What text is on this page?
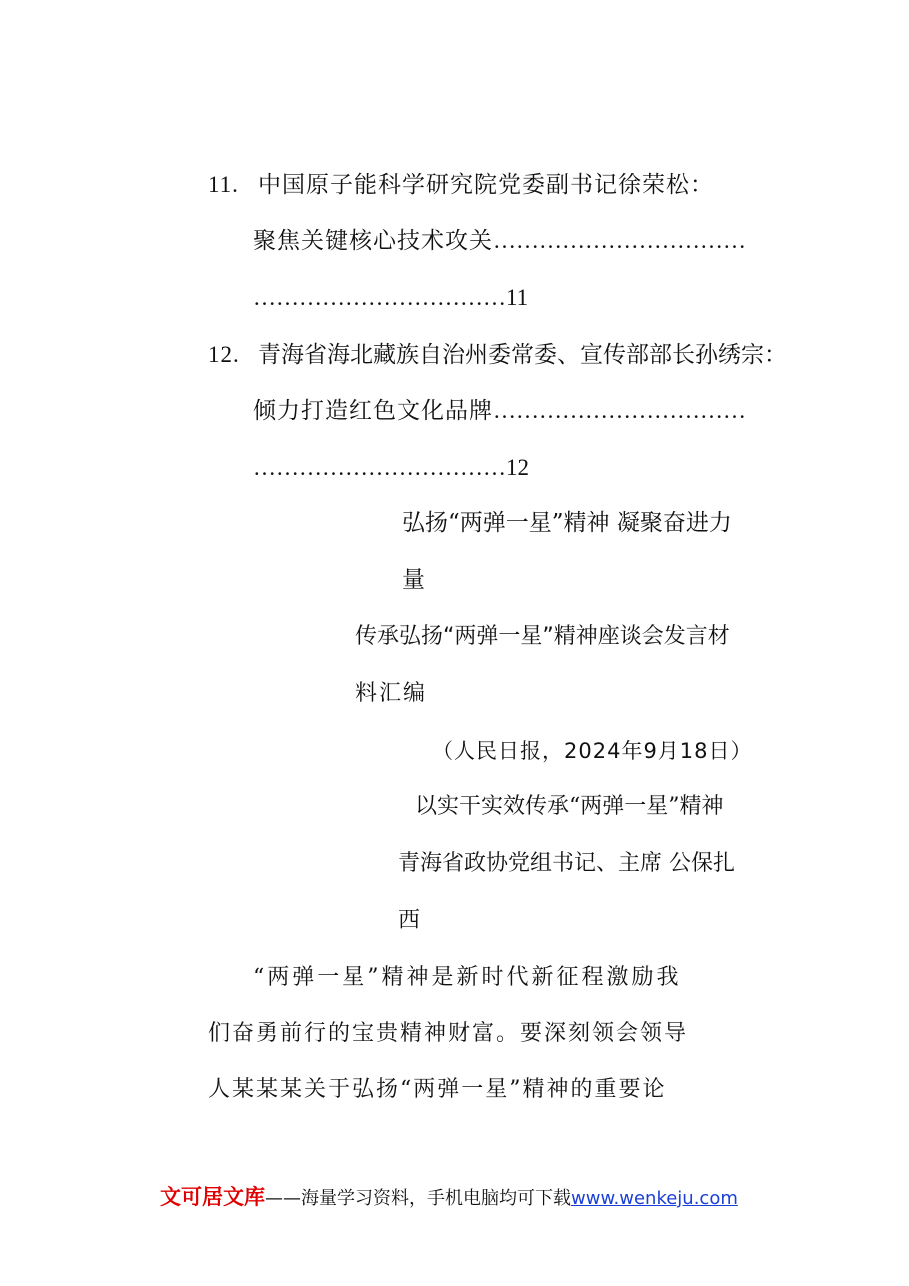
11. 中国原子能科学研究院党委副书记徐荣松：
聚焦关键核心技术攻关……………………………
……………………………11
12. 青海省海北藏族自治州委常委、宣传部部长孙绣宗：
倾力打造红色文化品牌……………………………
……………………………12
弘扬“两弹一星”精神 凝聚奋进力
量
传承弘扬“两弹一星”精神座谈会发言材
料汇编
（人民日报，2024年9月18日）
以实干实效传承“两弹一星”精神
青海省政协党组书记、主席 公保扎
西
“两弹一星”精神是新时代新征程激励我
们奋勇前行的宝贵精神财富。要深刻领会领导
人某某某关于弘扬“两弹一星”精神的重要论
文可居文库——海量学习资料，手机电脑均可下载www.wenkeju.com
